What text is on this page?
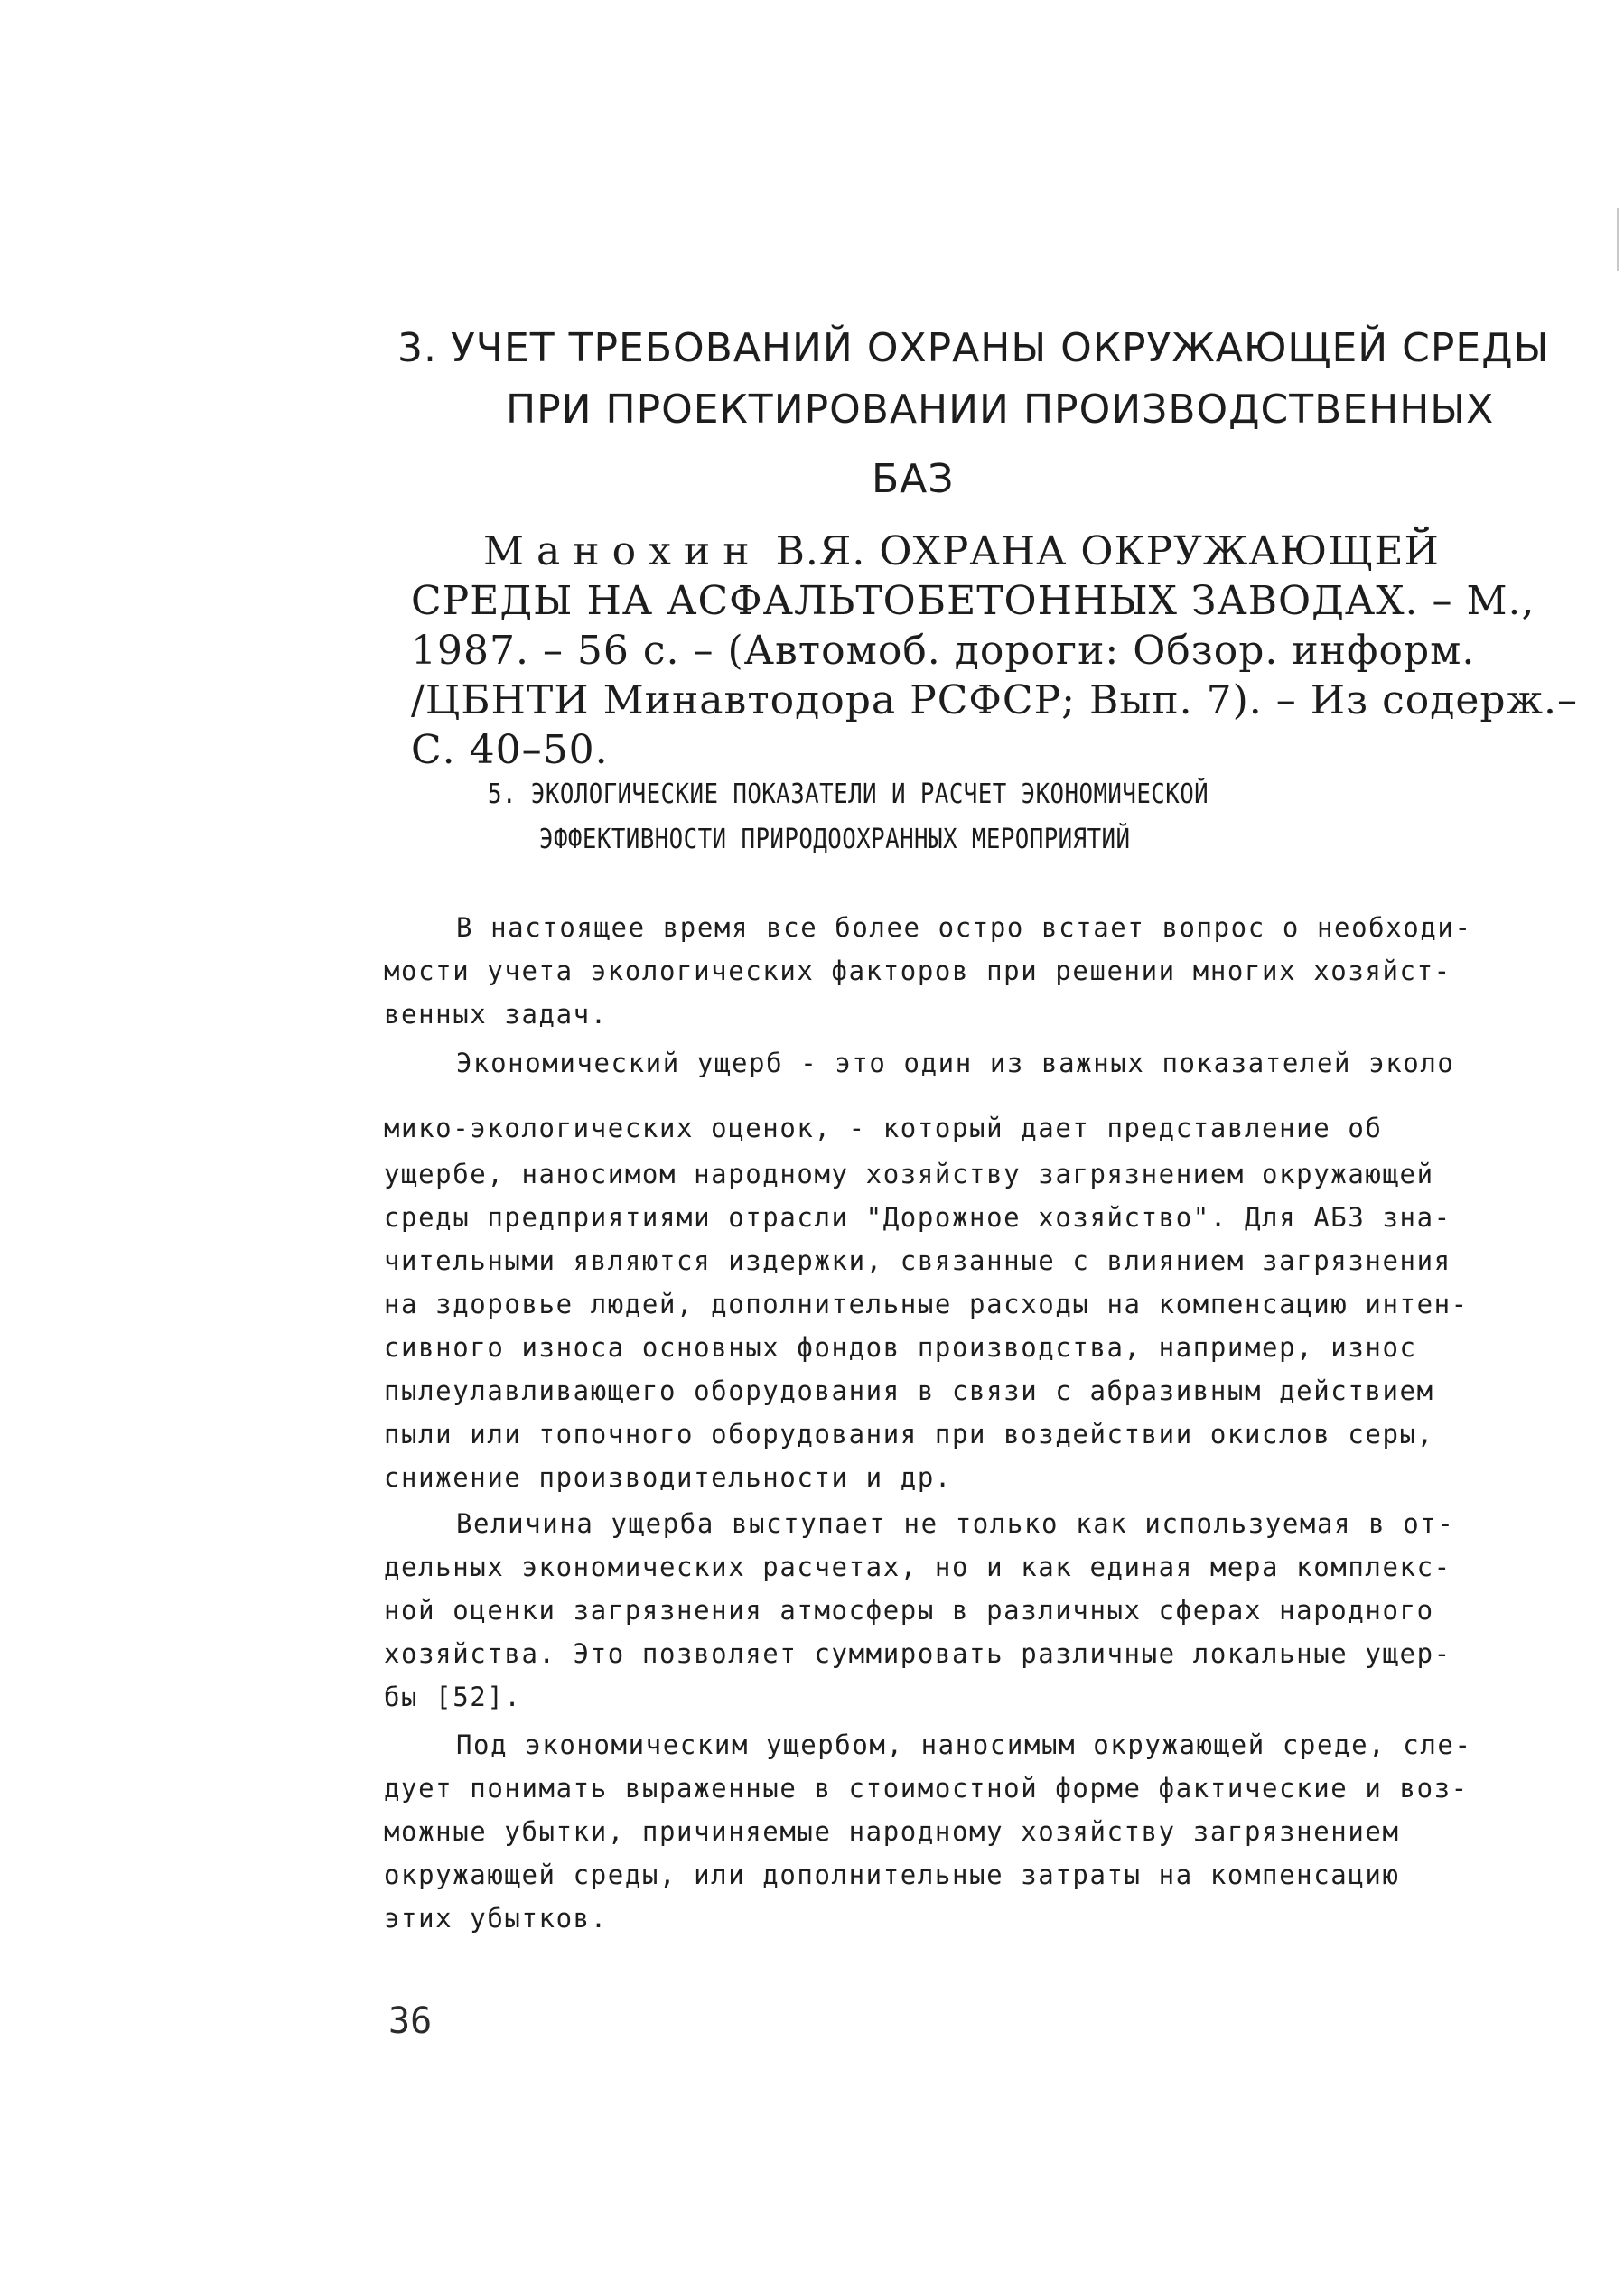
3. УЧЕТ ТРЕБОВАНИЙ ОХРАНЫ ОКРУЖАЮЩЕЙ СРЕДЫ
ПРИ ПРОЕКТИРОВАНИИ ПРОИЗВОДСТВЕННЫХ
БАЗ
Манохин В.Я. ОХРАНА ОКРУЖАЮЩЕЙ
СРЕДЫ НА АСФАЛЬТОБЕТОННЫХ ЗАВОДАХ. – М.,
1987. – 56 с. – (Автомоб. дороги: Обзор. информ.
/ЦБНТИ Минавтодора РСФСР; Вып. 7). – Из содерж.–
С. 40–50.
5. ЭКОЛОГИЧЕСКИЕ ПОКАЗАТЕЛИ И РАСЧЕТ ЭКОНОМИЧЕСКОЙ
ЭФФЕКТИВНОСТИ ПРИРОДООХРАННЫХ МЕРОПРИЯТИЙ
В настоящее время все более остро встает вопрос о необходи-
мости учета экологических факторов при решении многих хозяйст-
венных задач.
Экономический ущерб - это один из важных показателей эколо
мико-экологических оценок, - который дает представление об
ущербе, наносимом народному хозяйству загрязнением окружающей
среды предприятиями отрасли "Дорожное хозяйство". Для АБЗ зна-
чительными являются издержки, связанные с влиянием загрязнения
на здоровье людей, дополнительные расходы на компенсацию интен-
сивного износа основных фондов производства, например, износ
пылеулавливающего оборудования в связи с абразивным действием
пыли или топочного оборудования при воздействии окислов серы,
снижение производительности и др.
Величина ущерба выступает не только как используемая в от-
дельных экономических расчетах, но и как единая мера комплекс-
ной оценки загрязнения атмосферы в различных сферах народного
хозяйства. Это позволяет суммировать различные локальные ущер-
бы [52].
Под экономическим ущербом, наносимым окружающей среде, сле-
дует понимать выраженные в стоимостной форме фактические и воз-
можные убытки, причиняемые народному хозяйству загрязнением
окружающей среды, или дополнительные затраты на компенсацию
этих убытков.
36
